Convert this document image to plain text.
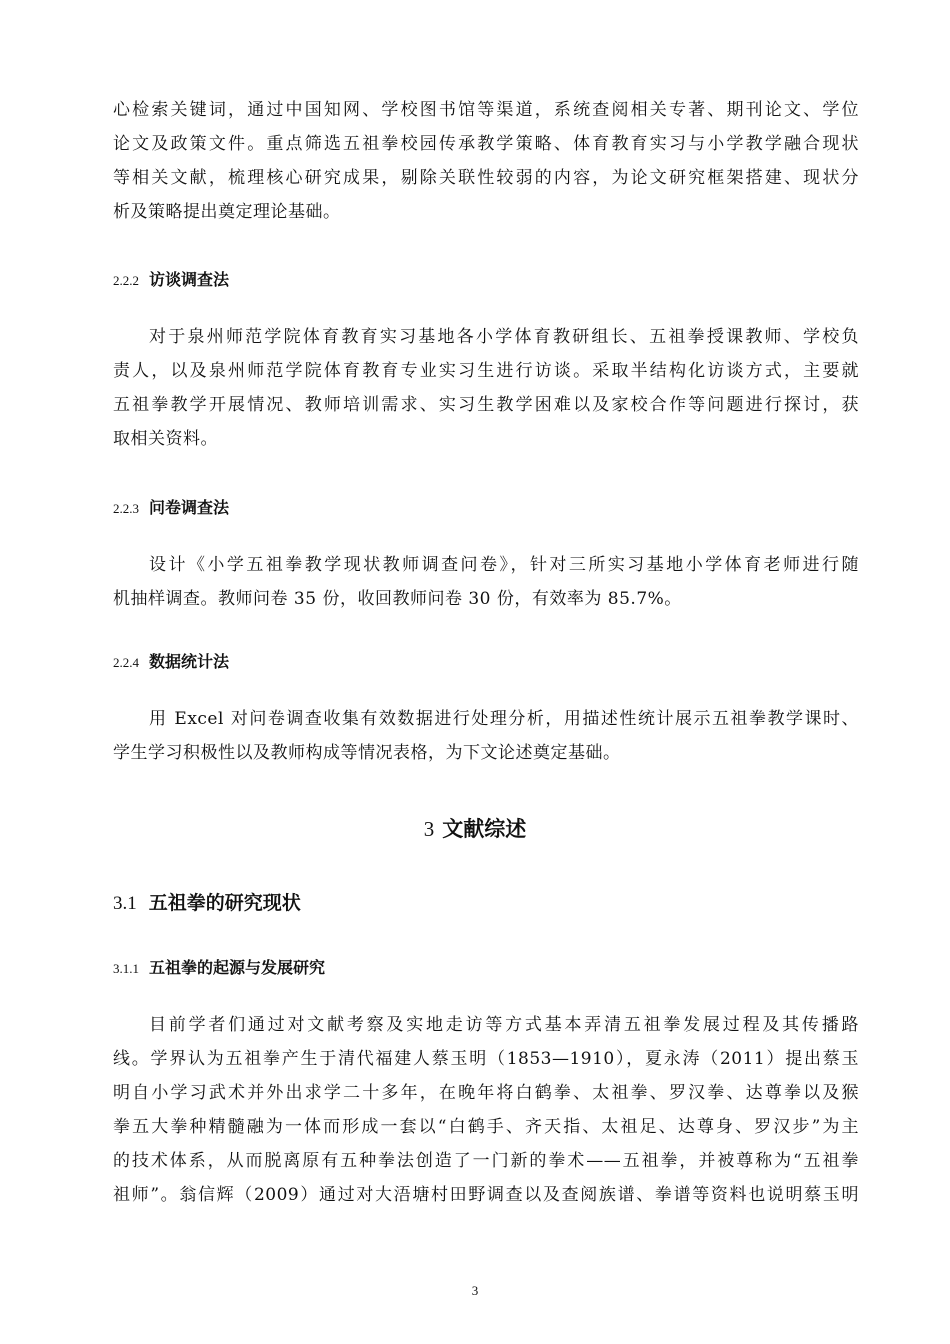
心检索关键词，通过中国知网、学校图书馆等渠道，系统查阅相关专著、期刊论文、学位
论文及政策文件。重点筛选五祖拳校园传承教学策略、体育教育实习与小学教学融合现状
等相关文献，梳理核心研究成果，剔除关联性较弱的内容，为论文研究框架搭建、现状分
析及策略提出奠定理论基础。
2.2.2 访谈调查法
对于泉州师范学院体育教育实习基地各小学体育教研组长、五祖拳授课教师、学校负
责人，以及泉州师范学院体育教育专业实习生进行访谈。采取半结构化访谈方式，主要就
五祖拳教学开展情况、教师培训需求、实习生教学困难以及家校合作等问题进行探讨，获
取相关资料。
2.2.3 问卷调查法
设计《小学五祖拳教学现状教师调查问卷》，针对三所实习基地小学体育老师进行随
机抽样调查。教师问卷 35 份，收回教师问卷 30 份，有效率为 85.7%。
2.2.4 数据统计法
用 Excel 对问卷调查收集有效数据进行处理分析，用描述性统计展示五祖拳教学课时、
学生学习积极性以及教师构成等情况表格，为下文论述奠定基础。
3 文献综述
3.1 五祖拳的研究现状
3.1.1 五祖拳的起源与发展研究
目前学者们通过对文献考察及实地走访等方式基本弄清五祖拳发展过程及其传播路
线。学界认为五祖拳产生于清代福建人蔡玉明（1853—1910），夏永涛（2011）提出蔡玉
明自小学习武术并外出求学二十多年，在晚年将白鹤拳、太祖拳、罗汉拳、达尊拳以及猴
拳五大拳种精髓融为一体而形成一套以“白鹤手、齐天指、太祖足、达尊身、罗汉步”为主
的技术体系，从而脱离原有五种拳法创造了一门新的拳术——五祖拳，并被尊称为“五祖拳
祖师”。翁信辉（2009）通过对大浯塘村田野调查以及查阅族谱、拳谱等资料也说明蔡玉明
3
